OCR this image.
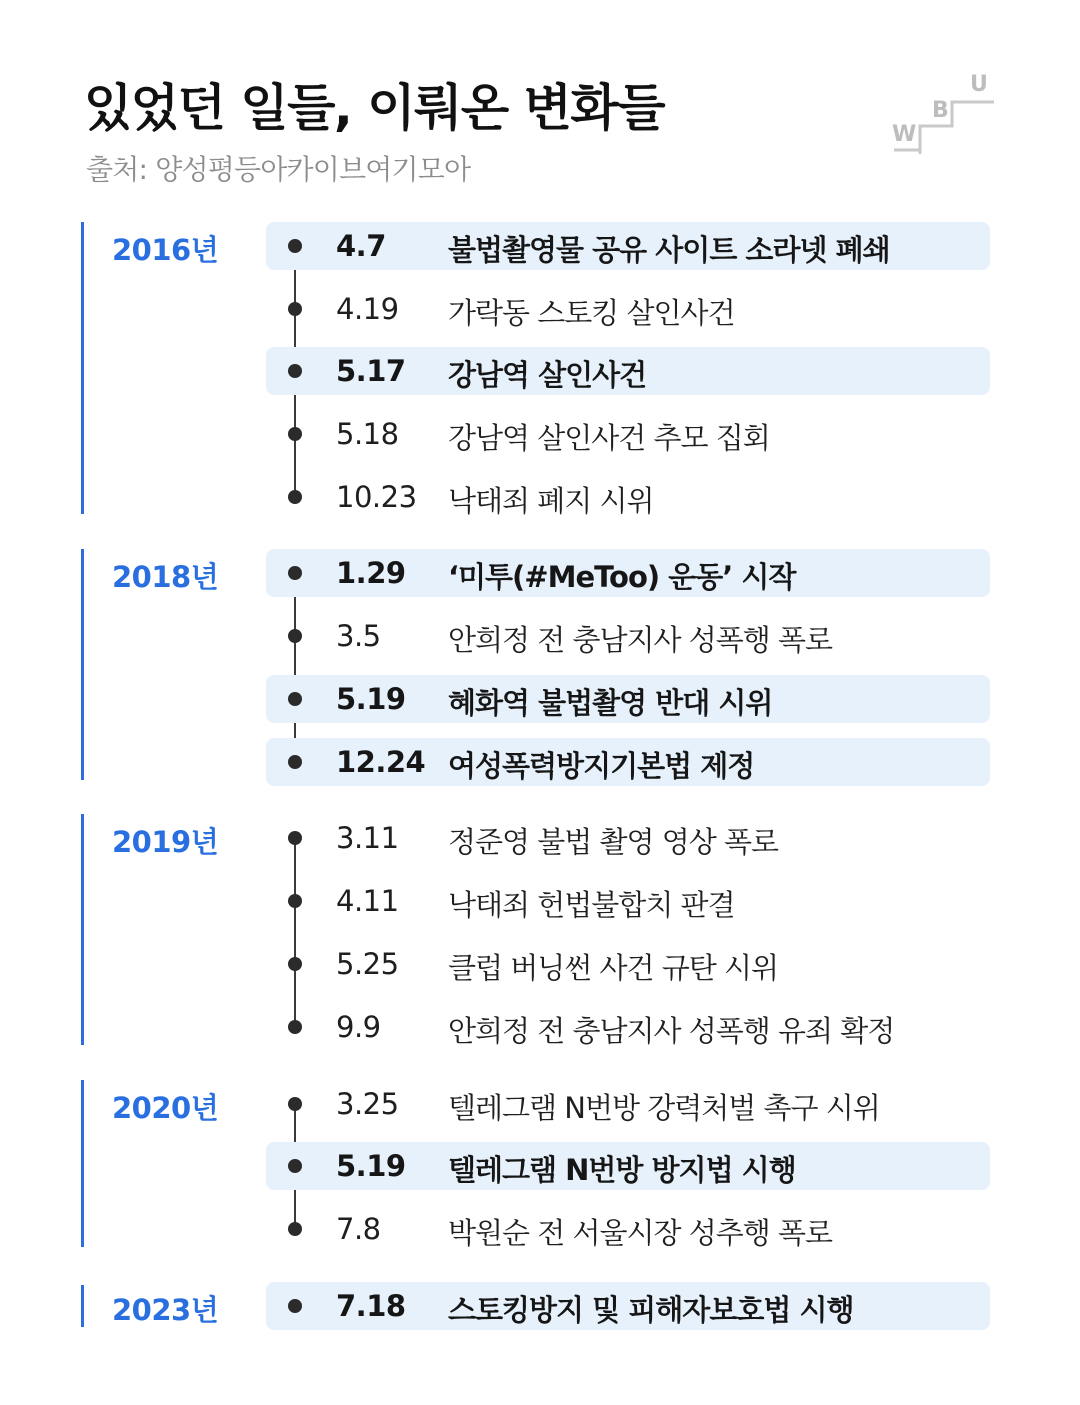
있었던 일들, 이뤄온 변화들
출처: 양성평등아카이브여기모아
W
B
U
2016년	4.7 불법촬영물 공유 사이트 소라넷 폐쇄
4.19 가락동 스토킹 살인사건
5.17 강남역 살인사건
5.18 강남역 살인사건 추모 집회
10.23 낙태죄 폐지 시위
2018년	1.29 ‘미투(#MeToo) 운동’ 시작
3.5 안희정 전 충남지사 성폭행 폭로
5.19 혜화역 불법촬영 반대 시위
12.24 여성폭력방지기본법 제정
2019년	3.11 정준영 불법 촬영 영상 폭로
4.11 낙태죄 헌법불합치 판결
5.25 클럽 버닝썬 사건 규탄 시위
9.9 안희정 전 충남지사 성폭행 유죄 확정
2020년	3.25 텔레그램 N번방 강력처벌 촉구 시위
5.19 텔레그램 N번방 방지법 시행
7.8 박원순 전 서울시장 성추행 폭로
2023년	7.18 스토킹방지 및 피해자보호법 시행
